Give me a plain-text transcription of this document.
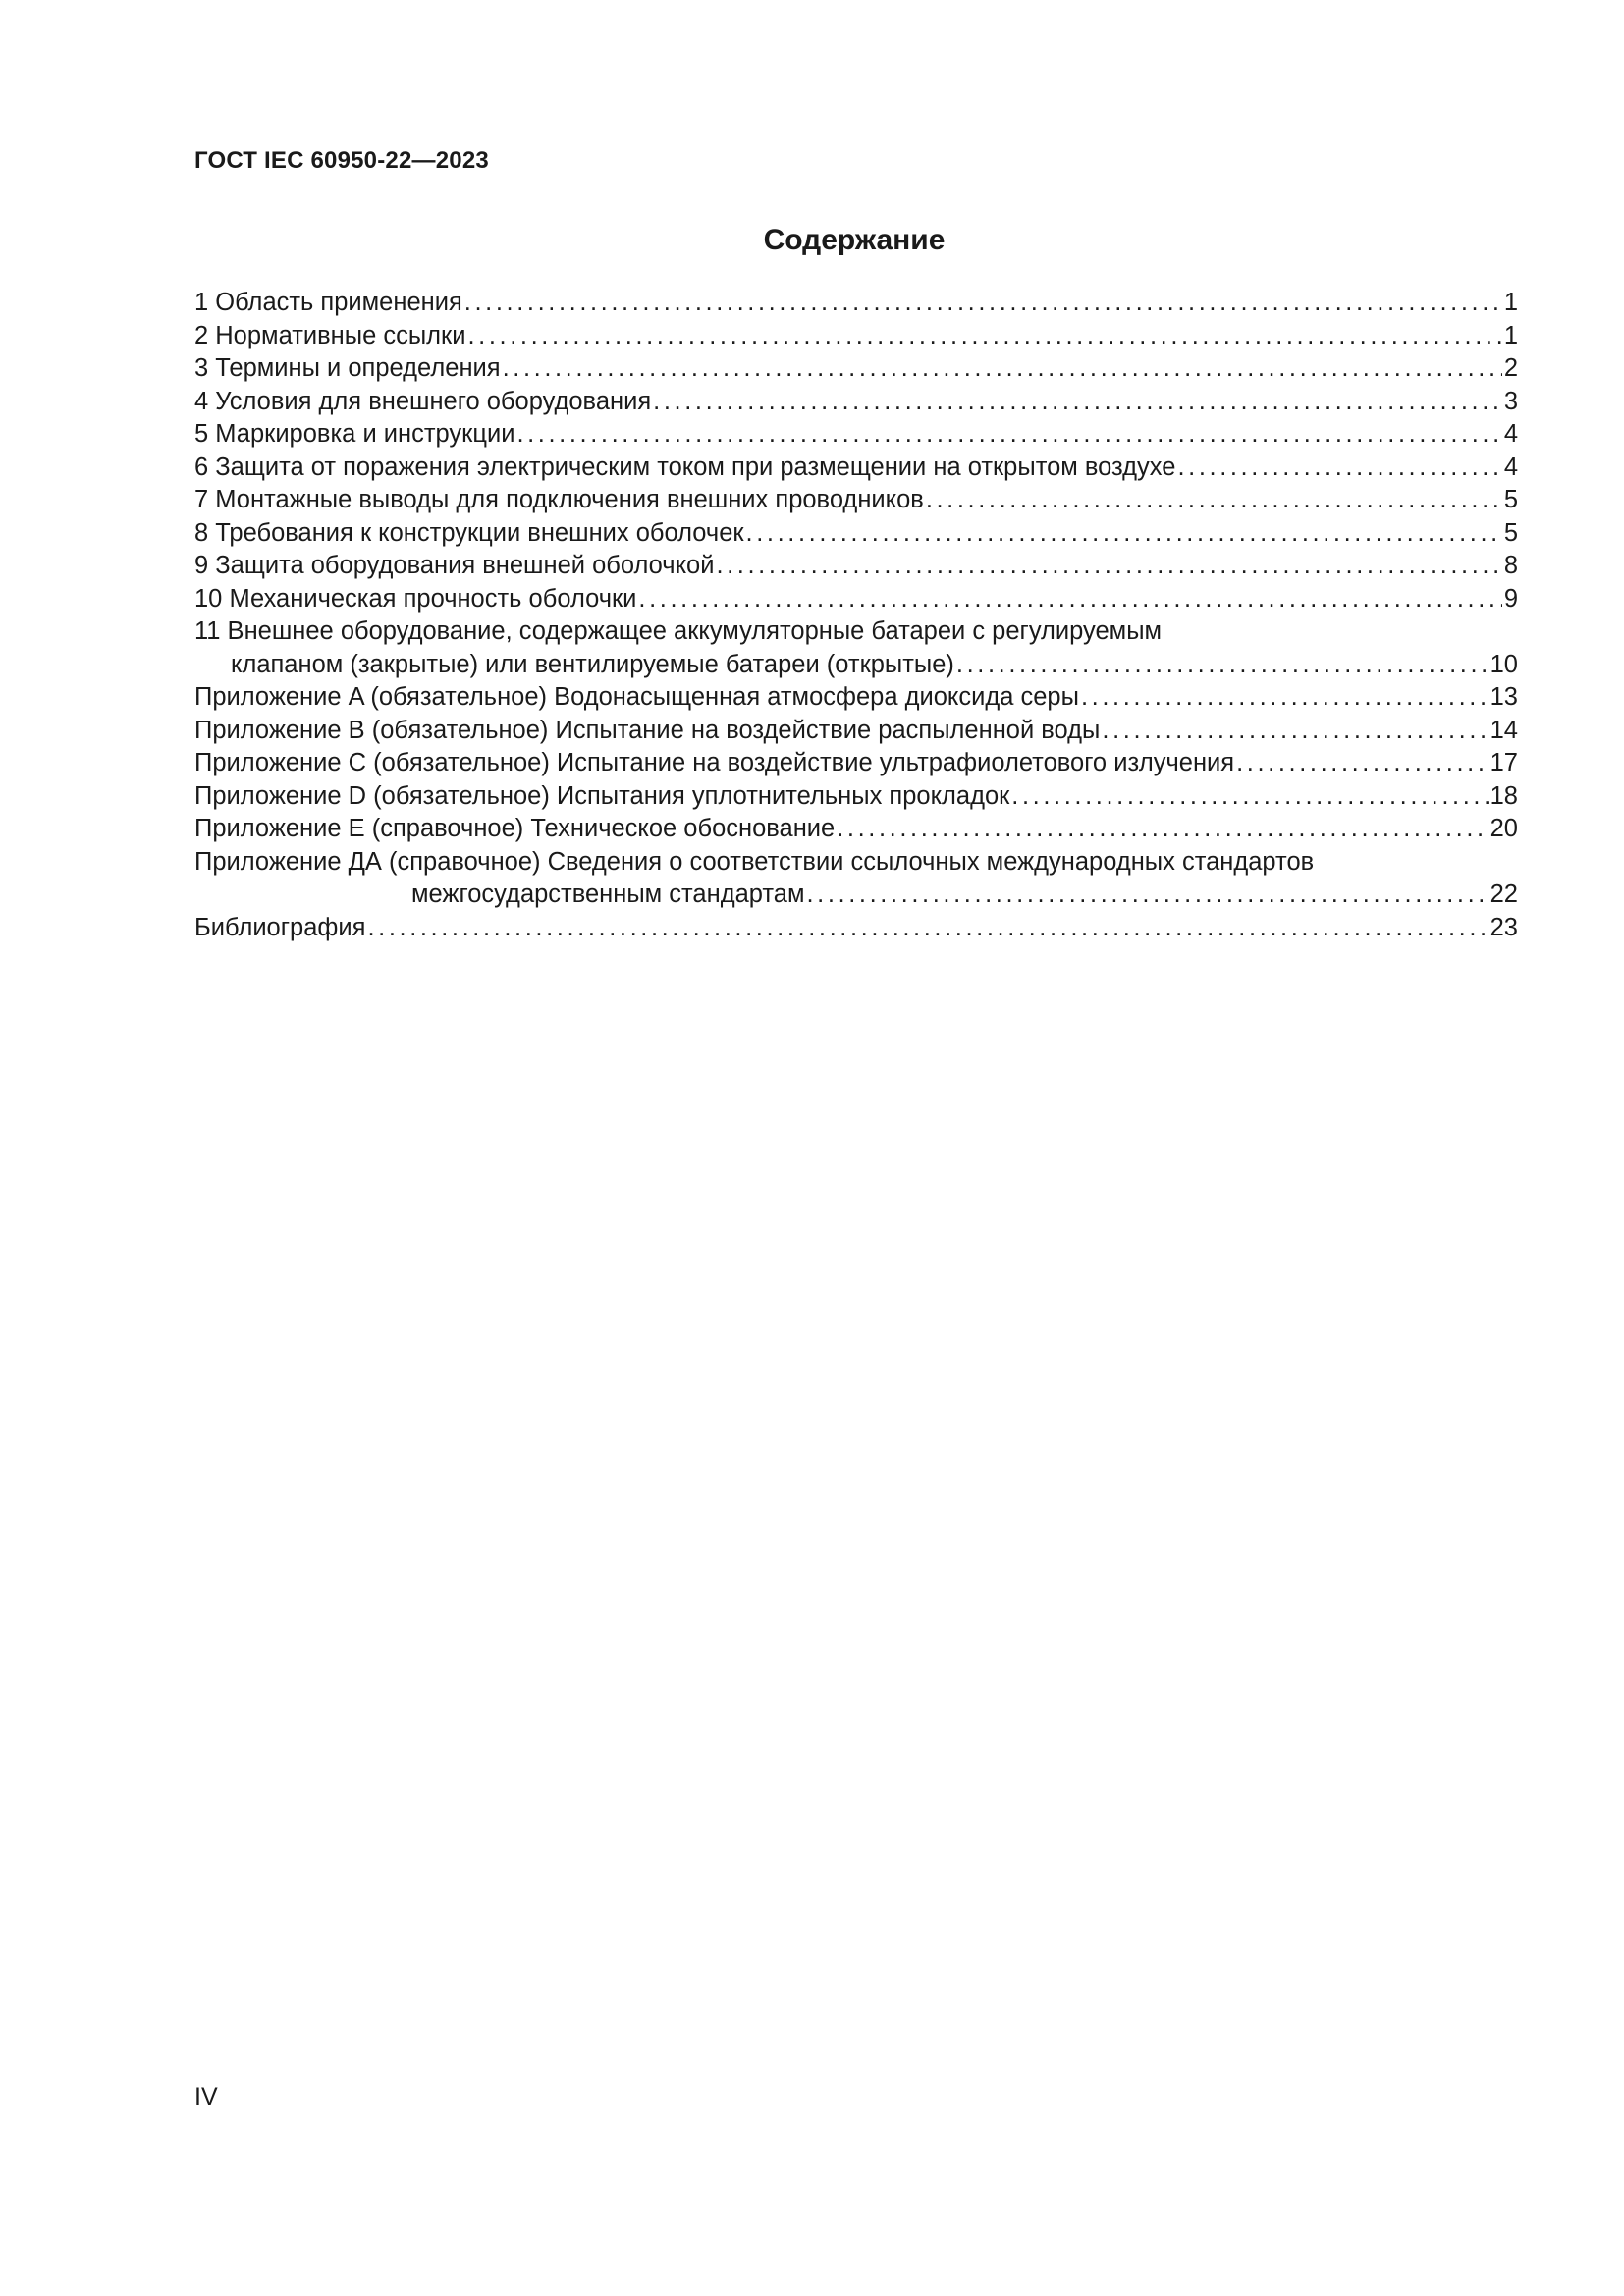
ГОСТ IEC 60950-22—2023
Содержание
1 Область применения .....	1
2 Нормативные ссылки .....	1
3 Термины и определения .....	2
4 Условия для внешнего оборудования .....	3
5 Маркировка и инструкции .....	4
6 Защита от поражения электрическим током при размещении на открытом воздухе .....	4
7 Монтажные выводы для подключения внешних проводников .....	5
8 Требования к конструкции внешних оболочек .....	5
9 Защита оборудования внешней оболочкой .....	8
10 Механическая прочность оболочки .....	9
11 Внешнее оборудование, содержащее аккумуляторные батареи с регулируемым
клапаном (закрытые) или вентилируемые батареи (открытые) .....	10
Приложение A (обязательное) Водонасыщенная атмосфера диоксида серы .....	13
Приложение B (обязательное) Испытание на воздействие распыленной воды .....	14
Приложение C (обязательное) Испытание на воздействие ультрафиолетового излучения .....	17
Приложение D (обязательное) Испытания уплотнительных прокладок .....	18
Приложение E (справочное) Техническое обоснование .....	20
Приложение ДА (справочное) Сведения о соответствии ссылочных международных стандартов
межгосударственным стандартам .....	22
Библиография .....	23
IV
